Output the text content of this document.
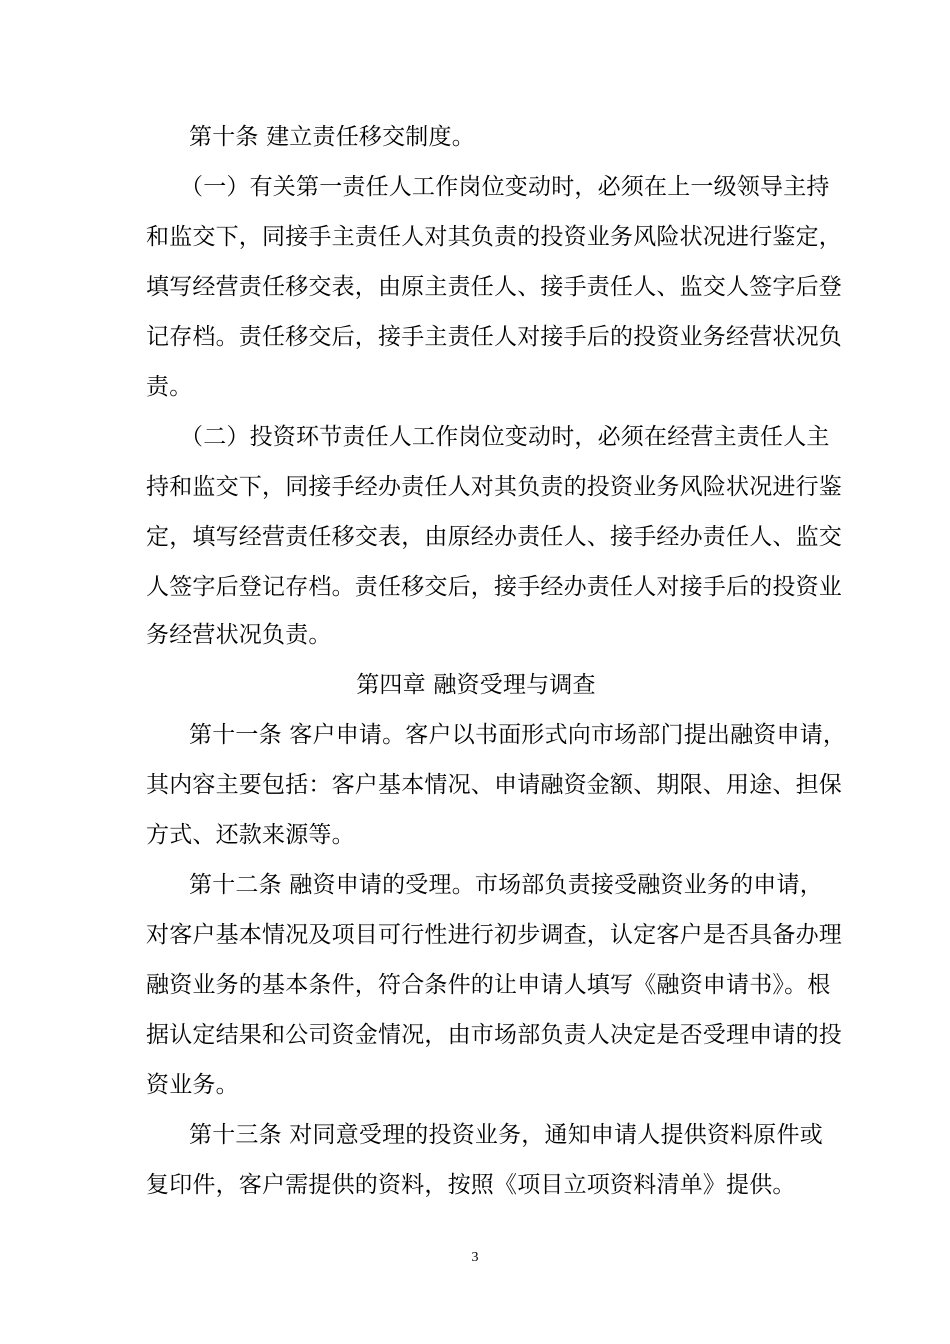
第十条 建立责任移交制度。
（一）有关第一责任人工作岗位变动时，必须在上一级领导主持
和监交下，同接手主责任人对其负责的投资业务风险状况进行鉴定，
填写经营责任移交表，由原主责任人、接手责任人、监交人签字后登
记存档。责任移交后，接手主责任人对接手后的投资业务经营状况负
责。
（二）投资环节责任人工作岗位变动时，必须在经营主责任人主
持和监交下，同接手经办责任人对其负责的投资业务风险状况进行鉴
定，填写经营责任移交表，由原经办责任人、接手经办责任人、监交
人签字后登记存档。责任移交后，接手经办责任人对接手后的投资业
务经营状况负责。
第四章 融资受理与调查
第十一条 客户申请。客户以书面形式向市场部门提出融资申请，
其内容主要包括：客户基本情况、申请融资金额、期限、用途、担保
方式、还款来源等。
第十二条 融资申请的受理。市场部负责接受融资业务的申请，
对客户基本情况及项目可行性进行初步调查，认定客户是否具备办理
融资业务的基本条件，符合条件的让申请人填写《融资申请书》。根
据认定结果和公司资金情况，由市场部负责人决定是否受理申请的投
资业务。
第十三条 对同意受理的投资业务，通知申请人提供资料原件或
复印件，客户需提供的资料，按照《项目立项资料清单》提供。
3
